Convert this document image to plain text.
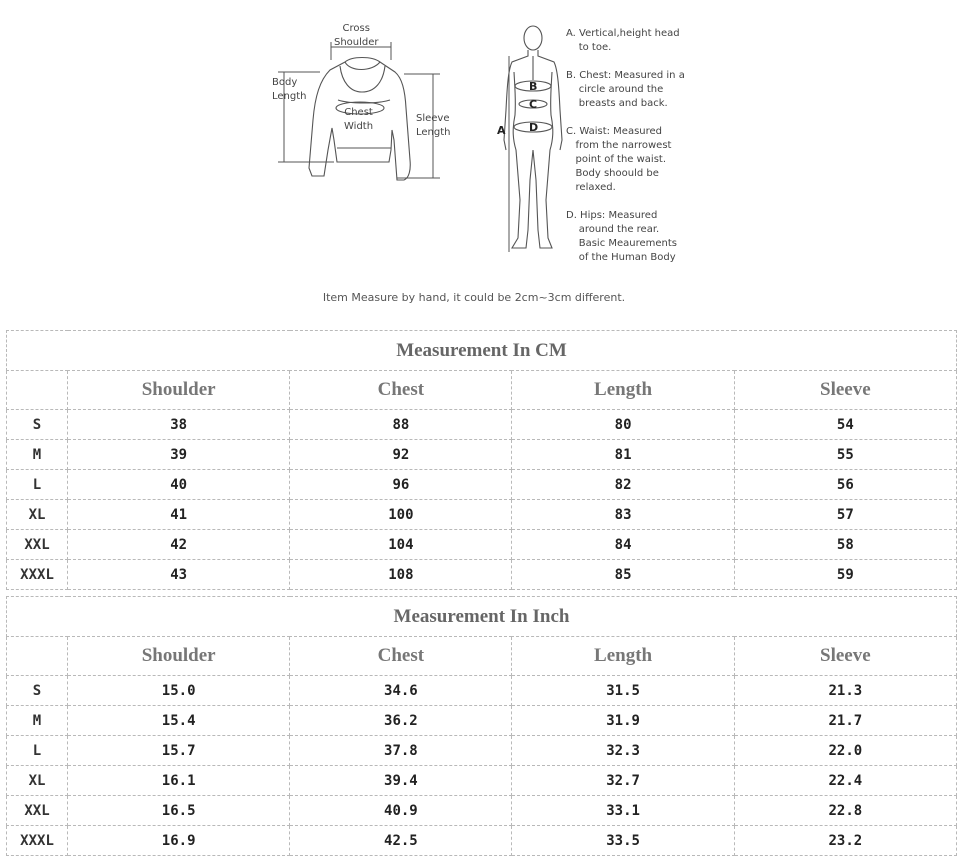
Cross
Shoulder
Body
Length
Chest
Width
Sleeve
Length	A
B
C
D
A. Vertical,height head
to toe.
B. Chest: Measured in a
circle around the
breasts and back.
C. Waist: Measured
from the narrowest
point of the waist.
Body shoould be
relaxed.
D. Hips: Measured
around the rear.
Basic Meaurements
of the Human Body
Item Measure by hand, it could be 2cm~3cm different.
Measurement In CM				
	Shoulder	Chest	Length	Sleeve
S	38	88	80	54
M	39	92	81	55
L	40	96	82	56
XL	41	100	83	57
XXL	42	104	84	58
XXXL	43	108	85	59
Measurement In Inch				
	Shoulder	Chest	Length	Sleeve
S	15.0	34.6	31.5	21.3
M	15.4	36.2	31.9	21.7
L	15.7	37.8	32.3	22.0
XL	16.1	39.4	32.7	22.4
XXL	16.5	40.9	33.1	22.8
XXXL	16.9	42.5	33.5	23.2
